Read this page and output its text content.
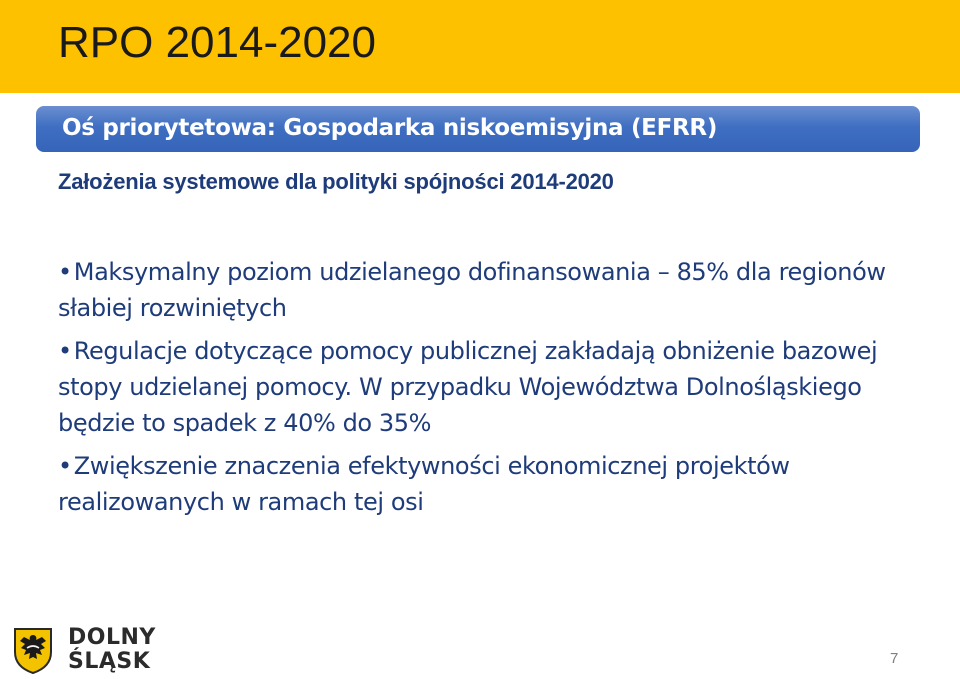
RPO 2014-2020
Oś priorytetowa: Gospodarka niskoemisyjna (EFRR)
Założenia systemowe dla polityki spójności 2014-2020
•Maksymalny poziom udzielanego dofinansowania – 85% dla regionów słabiej rozwiniętych
•Regulacje dotyczące pomocy publicznej zakładają obniżenie bazowej stopy udzielanej pomocy. W przypadku Województwa Dolnośląskiego będzie to spadek z 40% do 35%
•Zwiększenie znaczenia efektywności ekonomicznej projektów realizowanych w ramach tej osi
DOLNY
ŚLĄSK	7
